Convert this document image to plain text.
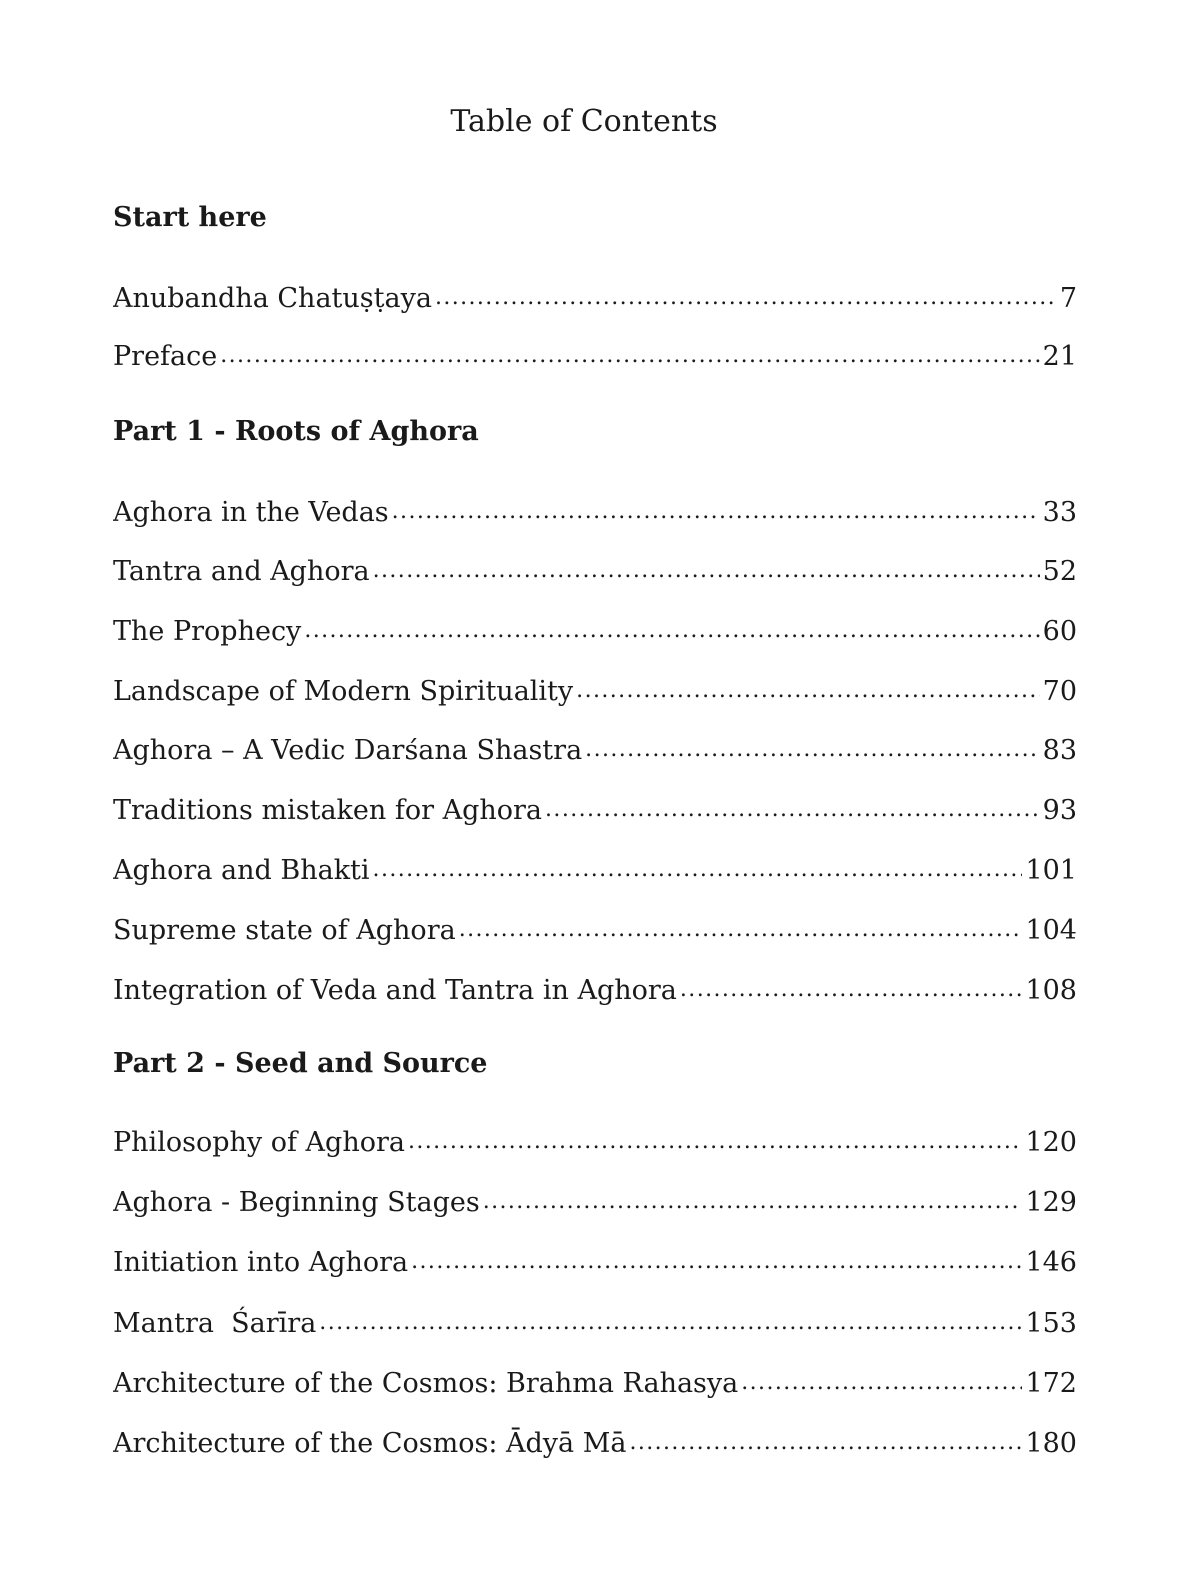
Table of Contents
Start here
Anubandha Chatuṣṭaya .....	7
Preface .....	21
Part 1 - Roots of Aghora
Aghora in the Vedas .....	33
Tantra and Aghora .....	52
The Prophecy .....	60
Landscape of Modern Spirituality .....	70
Aghora – A Vedic Darśana Shastra .....	83
Traditions mistaken for Aghora .....	93
Aghora and Bhakti .....	101
Supreme state of Aghora .....	104
Integration of Veda and Tantra in Aghora .....	108
Part 2 - Seed and Source
Philosophy of Aghora .....	120
Aghora - Beginning Stages .....	129
Initiation into Aghora .....	146
Mantra  Śarīra .....	153
Architecture of the Cosmos: Brahma Rahasya .....	172
Architecture of the Cosmos: Ādyā Mā .....	180
